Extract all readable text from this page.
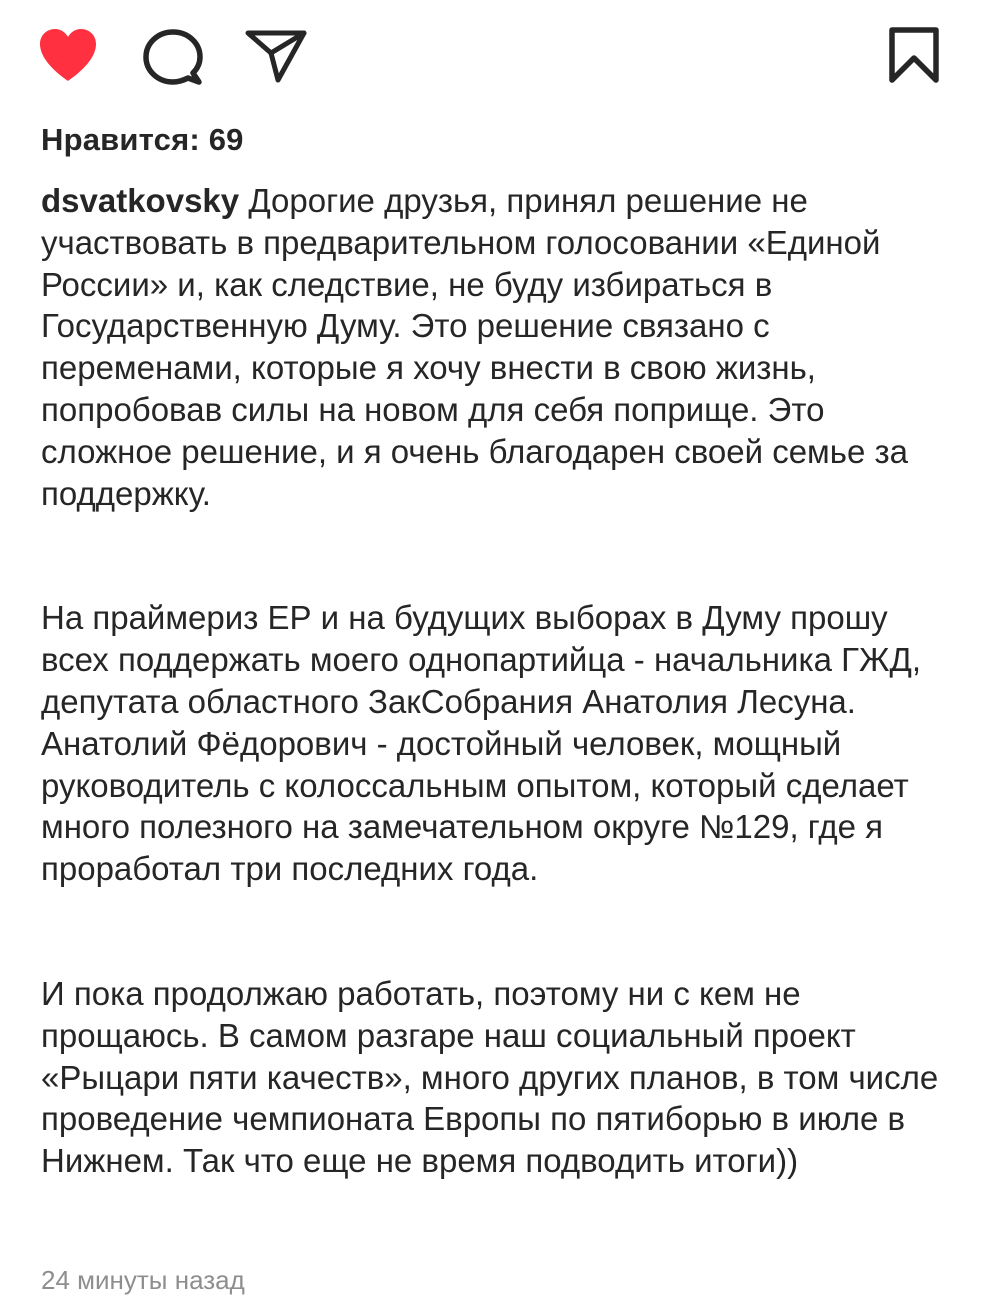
Нравится: 69

dsvatkovsky Дорогие друзья, принял решение не участвовать в предварительном голосовании «Единой России» и, как следствие, не буду избираться в Государственную Думу. Это решение связано с переменами, которые я хочу внести в свою жизнь, попробовав силы на новом для себя поприще. Это сложное решение, и я очень благодарен своей семье за поддержку.

На праймериз ЕР и на будущих выборах в Думу прошу всех поддержать моего однопартийца - начальника ГЖД, депутата областного ЗакСобрания Анатолия Лесуна. Анатолий Фёдорович - достойный человек, мощный руководитель с колоссальным опытом, который сделает много полезного на замечательном округе №129, где я проработал три последних года.

И пока продолжаю работать, поэтому ни с кем не прощаюсь. В самом разгаре наш социальный проект «Рыцари пяти качеств», много других планов, в том числе проведение чемпионата Европы по пятиборью в июле в Нижнем. Так что еще не время подводить итоги))

24 минуты назад
